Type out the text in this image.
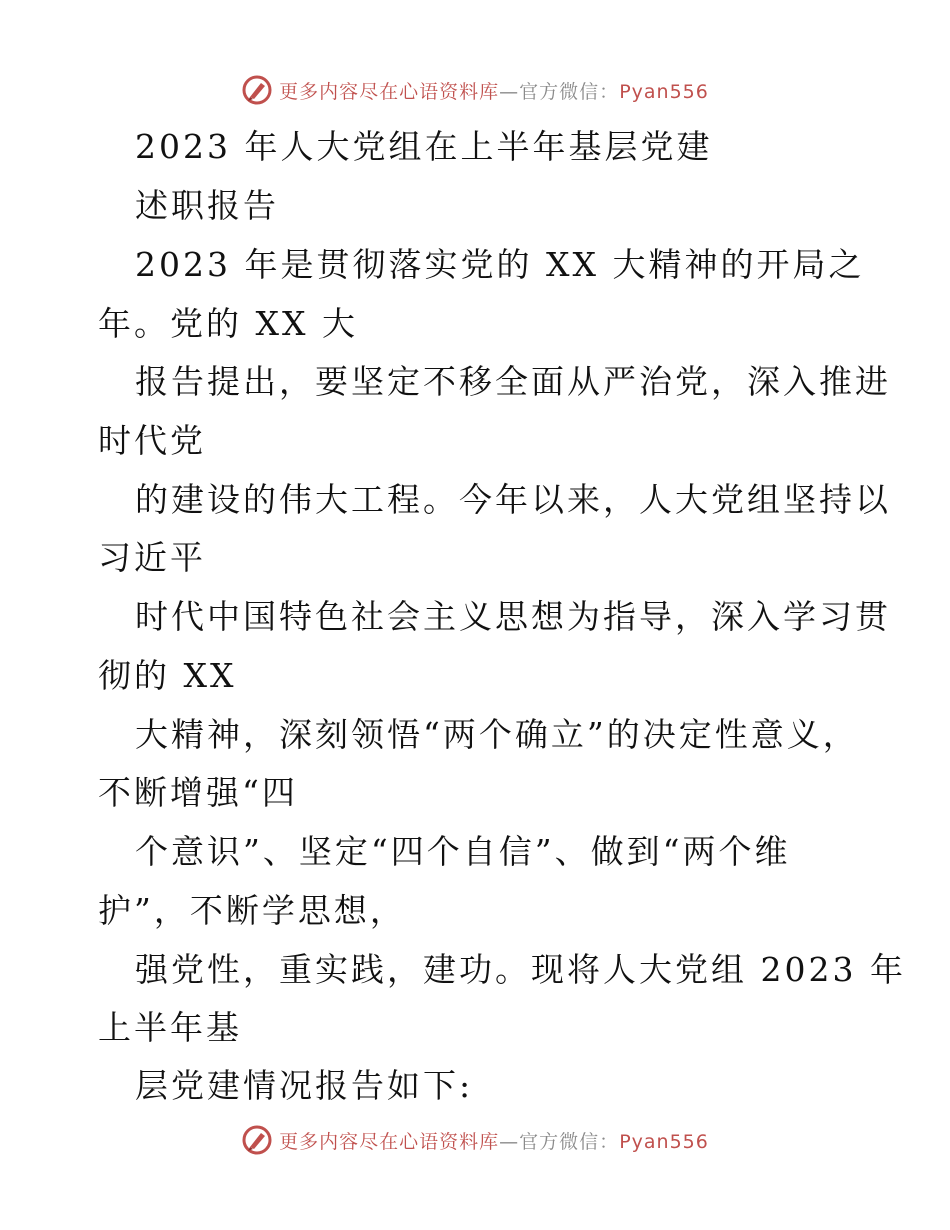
更多内容尽在心语资料库—官方微信：Pyan556
2023 年人大党组在上半年基层党建
述职报告
2023 年是贯彻落实党的 XX 大精神的开局之
年。党的 XX 大
报告提出，要坚定不移全面从严治党，深入推进
时代党
的建设的伟大工程。今年以来，人大党组坚持以
习近平
时代中国特色社会主义思想为指导，深入学习贯
彻的 XX
大精神，深刻领悟“两个确立”的决定性意义，
不断增强“四
个意识”、坚定“四个自信”、做到“两个维
护”，不断学思想，
强党性，重实践，建功。现将人大党组 2023 年
上半年基
层党建情况报告如下:
更多内容尽在心语资料库—官方微信：Pyan556
